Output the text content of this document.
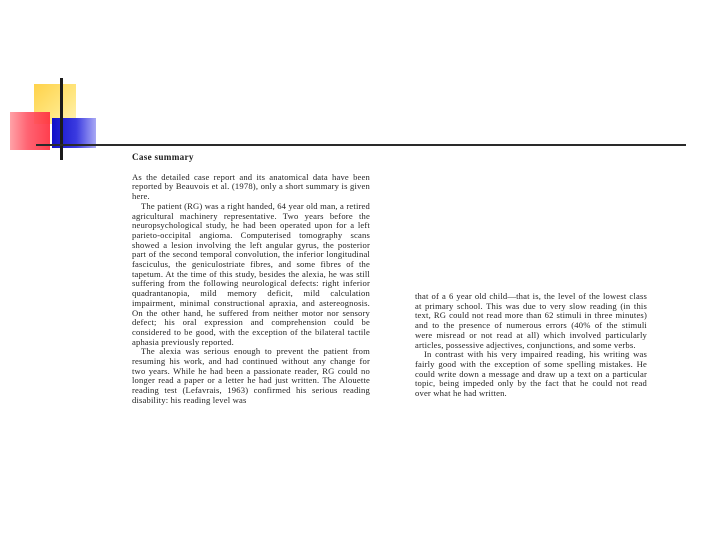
Case summary

As the detailed case report and its anatomical data have been reported by Beauvois et al. (1978), only a short summary is given here.

The patient (RG) was a right handed, 64 year old man, a retired agricultural machinery representative. Two years before the neuropsychological study, he had been operated upon for a left parieto-occipital angioma. Computerised tomography scans showed a lesion involving the left angular gyrus, the posterior part of the second temporal convolution, the inferior longitudinal fasciculus, the geniculostriate fibres, and some fibres of the tapetum. At the time of this study, besides the alexia, he was still suffering from the following neurological defects: right inferior quadrantanopia, mild memory deficit, mild calculation impairment, minimal constructional apraxia, and astereognosis. On the other hand, he suffered from neither motor nor sensory defect; his oral expression and comprehension could be considered to be good, with the exception of the bilateral tactile aphasia previously reported.

The alexia was serious enough to prevent the patient from resuming his work, and had continued without any change for two years. While he had been a passionate reader, RG could no longer read a paper or a letter he had just written. The Alouette reading test (Lefavrais, 1963) confirmed his serious reading disability: his reading level was

that of a 6 year old child—that is, the level of the lowest class at primary school. This was due to very slow reading (in this text, RG could not read more than 62 stimuli in three minutes) and to the presence of numerous errors (40% of the stimuli were misread or not read at all) which involved particularly articles, possessive adjectives, conjunctions, and some verbs.

In contrast with his very impaired reading, his writing was fairly good with the exception of some spelling mistakes. He could write down a message and draw up a text on a particular topic, being impeded only by the fact that he could not read over what he had written.
